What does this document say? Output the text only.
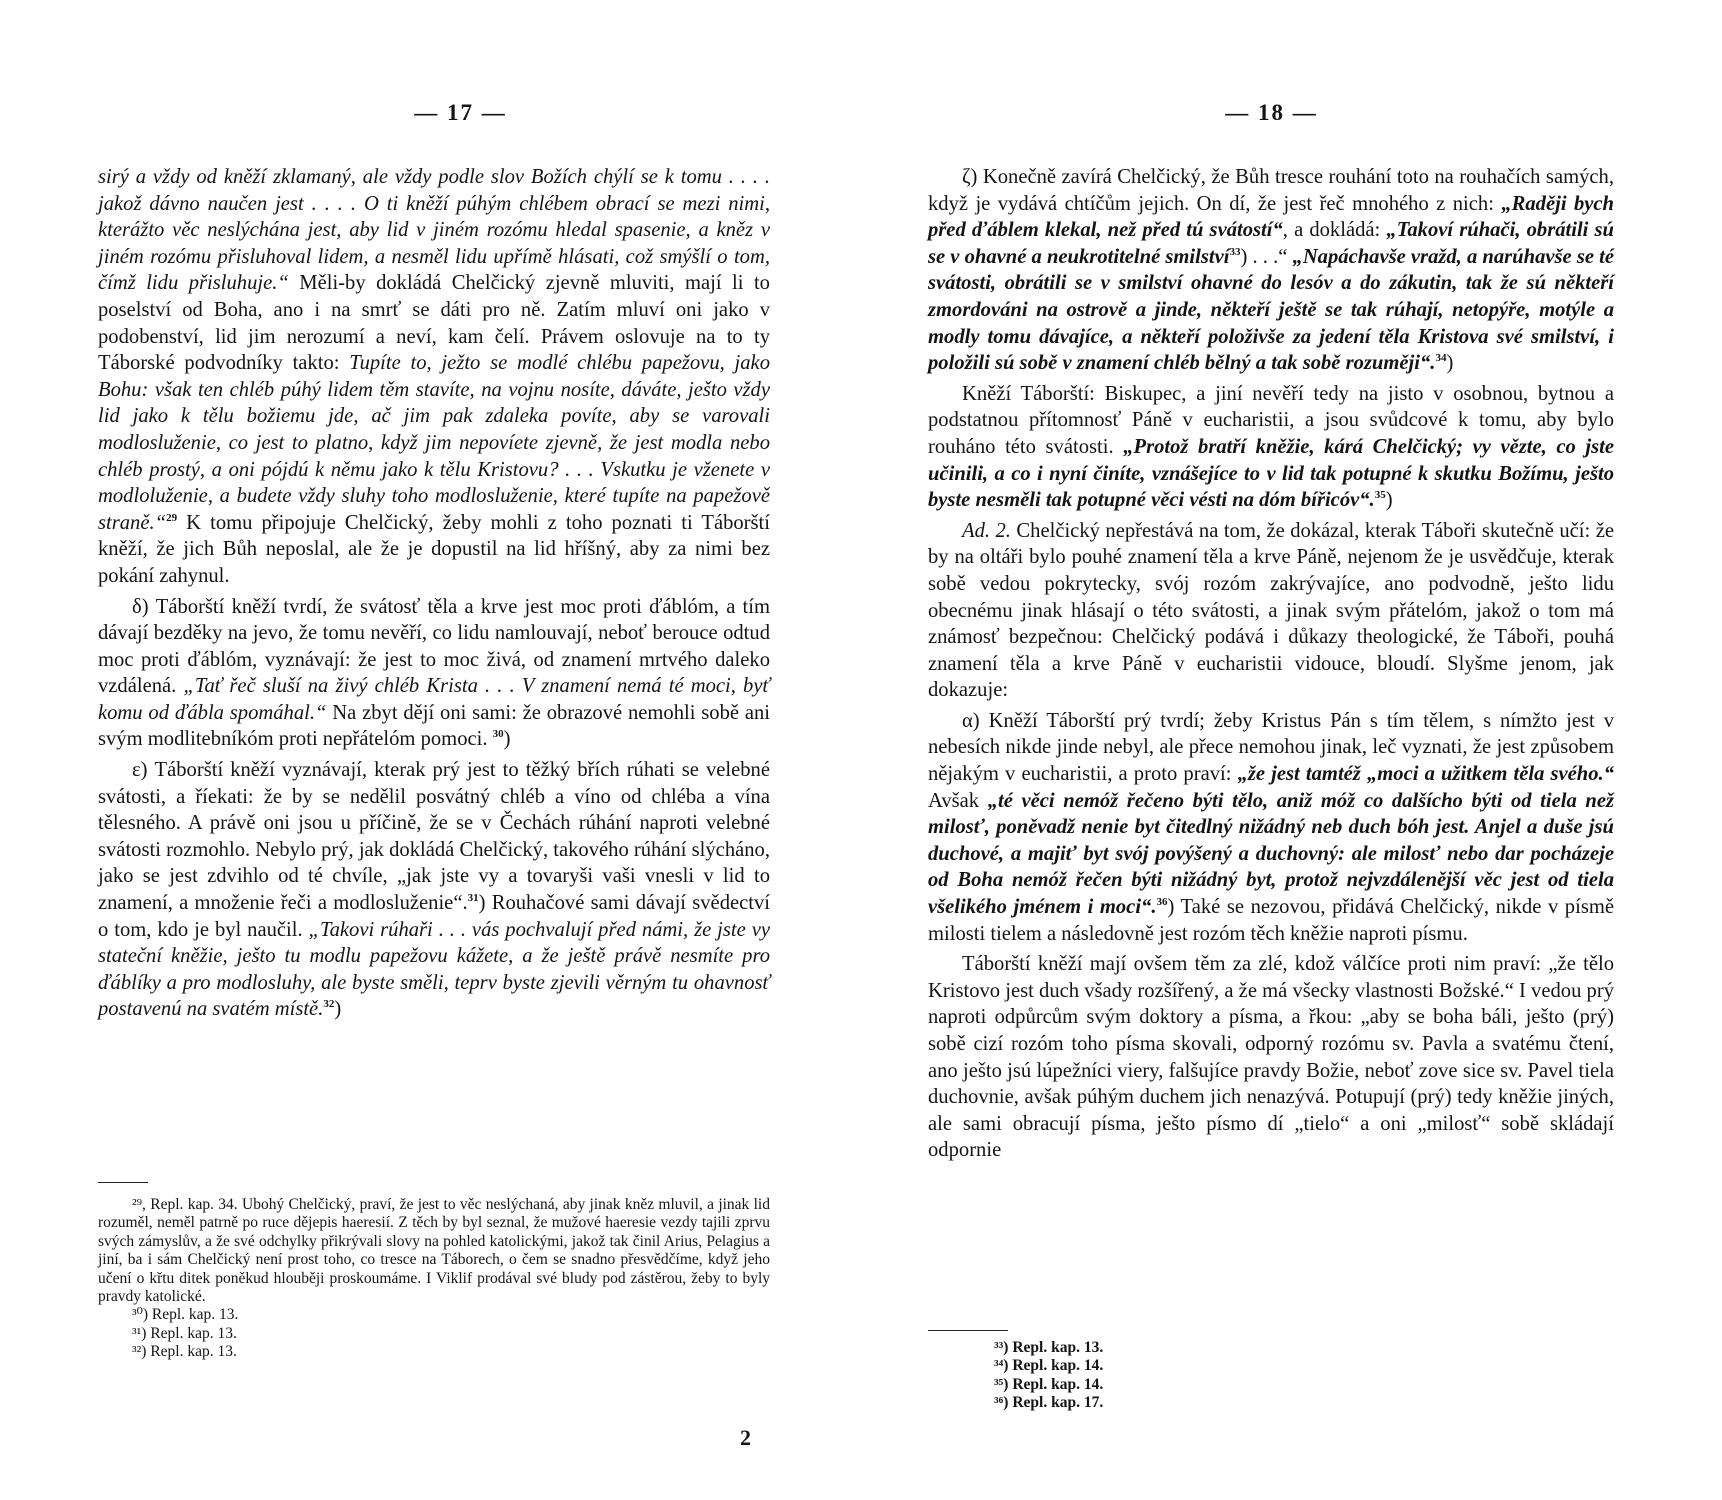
— 17 —

sirý a vždy od kněží zklamaný, ale vždy podle slov Božích chýlí se k tomu . . . . jakož dávno naučen jest . . . . O ti kněží púhým chlébem obrací se mezi nimi, kterážto věc neslýchána jest, aby lid v jiném rozómu hledal spasenie, a kněz v jiném rozómu přisluhoval lidem, a nesměl lidu upřímě hlásati, což smýšlí o tom, čímž lidu přisluhuje.“ Měli-by dokládá Chelčický zjevně mluviti, mají li to poselství od Boha, ano i na smrť se dáti pro ně. Zatím mluví oni jako v podobenství, lid jim nerozumí a neví, kam čelí. Právem oslovuje na to ty Táborské podvodníky takto: Tupíte to, ježto se modlé chlébu papežovu, jako Bohu: však ten chléb púhý lidem těm stavíte, na vojnu nosíte, dáváte, ješto vždy lid jako k tělu božiemu jde, ač jim pak zdaleka povíte, aby se varovali modlosluženie, co jest to platno, když jim nepovíete zjevně, že jest modla nebo chléb prostý, a oni pójdú k němu jako k tělu Kristovu? . . . Vskutku je vženete v modloluženie, a budete vždy sluhy toho modlosluženie, které tupíte na papežově straně.“$^{29}$ K tomu připojuje Chelčický, žeby mohli z toho poznati ti Táborští kněží, že jich Bůh neposlal, ale že je dopustil na lid hříšný, aby za nimi bez pokání zahynul.

δ) Táborští kněží tvrdí, že svátosť těla a krve jest moc proti ďáblóm, a tím dávají bezděky na jevo, že tomu nevěří, co lidu namlouvají, neboť berouce odtud moc proti ďáblóm, vyznávají: že jest to moc živá, od znamení mrtvého daleko vzdálená. „Tať řeč sluší na živý chléb Krista . . . V znamení nemá té moci, byť komu od ďábla spomáhal.“ Na zbyt dějí oni sami: že obrazové nemohli sobě ani svým modlitebníkóm proti nepřátelóm pomoci. $^{30}$)

ε) Táborští kněží vyznávají, kterak prý jest to těžký břích rúhati se velebné svátosti, a říekati: že by se nedělil posvátný chléb a víno od chléba a vína tělesného. A právě oni jsou u příčině, že se v Čechách rúhání naproti velebné svátosti rozmohlo. Nebylo prý, jak dokládá Chelčický, takového rúhání slýcháno, jako se jest zdvihlo od té chvíle, „jak jste vy a tovaryši vaši vnesli v lid to znamení, a množenie řeči a modlosluženie“.$^{31}$) Rouhačové sami dávají svědectví o tom, kdo je byl naučil. „Takovi rúhaři . . . vás pochvalují před námi, že jste vy stateční kněžie, ješto tu modlu papežovu kážete, a že ještě právě nesmíte pro ďáblíky a pro modlosluhy, ale byste směli, teprv byste zjevili věrným tu ohavnosť postavenú na svatém místě.$^{32}$)

²⁹, Repl. kap. 34. Ubohý Chelčický, praví, že jest to věc neslýchaná, aby jinak kněz mluvil, a jinak lid rozuměl, neměl patrně po ruce dějepis haeresií. Z těch by byl seznal, že mužové haeresie vezdy tajili zprvu svých zámyslův, a že své odchylky přikrývali slovy na pohled katolickými, jakož tak činil Arius, Pelagius a jiní, ba i sám Chelčický není prost toho, co tresce na Táborech, o čem se snadno přesvědčíme, když jeho učení o křtu ditek poněkud hlouběji proskoumáme. I Viklif prodával své bludy pod zástěrou, žeby to byly pravdy katolické.

³⁰) Repl. kap. 13.

³¹) Repl. kap. 13.

³²) Repl. kap. 13.

2
— 18 —

ζ) Konečně zavírá Chelčický, že Bůh tresce rouhání toto na rouhačích samých, když je vydává chtíčům jejich. On dí, že jest řeč mnohého z nich: „Raději bych před ďáblem klekal, než před tú svátostí“, a dokládá: „Takoví rúhači, obrátili sú se v ohavné a neukrotitelné smilství$^{33}$) . . .“ „Napáchavše vražd, a narúhavše se té svátosti, obrátili se v smilství ohavné do lesóv a do zákutin, tak že sú někteří zmordováni na ostrově a jinde, někteří ještě se tak rúhají, netopýře, motýle a modly tomu dávajíce, a někteří položivše za jedení těla Kristova své smilství, i položili sú sobě v znamení chléb bělný a tak sobě rozuměji“.$^{34}$)

Kněží Táborští: Biskupec, a jiní nevěří tedy na jisto v osobnou, bytnou a podstatnou přítomnosť Páně v eucharistii, a jsou svůdcové k tomu, aby bylo rouháno této svátosti. „Protož bratří kněžie, kárá Chelčický; vy vězte, co jste učinili, a co i nyní činíte, vznášejíce to v lid tak potupné k skutku Božímu, ješto byste nesměli tak potupné věci vésti na dóm bířicóv“.$^{35}$)

Ad. 2. Chelčický nepřestává na tom, že dokázal, kterak Táboři skutečně učí: že by na oltáři bylo pouhé znamení těla a krve Páně, nejenom že je usvědčuje, kterak sobě vedou pokrytecky, svój rozóm zakrývajíce, ano podvodně, ješto lidu obecnému jinak hlásají o této svátosti, a jinak svým přátelóm, jakož o tom má známosť bezpečnou: Chelčický podává i důkazy theologické, že Táboři, pouhá znamení těla a krve Páně v eucharistii vidouce, bloudí. Slyšme jenom, jak dokazuje:

α) Kněží Táborští prý tvrdí; žeby Kristus Pán s tím tělem, s nímžto jest v nebesích nikde jinde nebyl, ale přece nemohou jinak, leč vyznati, že jest způsobem nějakým v eucharistii, a proto praví: „že jest tamtéž „moci a užitkem těla svého.“ Avšak „té věci nemóž řečeno býti tělo, aniž móž co dalšícho býti od tiela než milosť, poněvadž nenie byt čitedlný nižádný neb duch bóh jest. Anjel a duše jsú duchové, a majiť byt svój povýšený a duchovný: ale milosť nebo dar pocházeje od Boha nemóž řečen býti nižádný byt, protož nejvzdálenější věc jest od tiela všelikého jménem i moci“.$^{36}$) Také se nezovou, přidává Chelčický, nikde v písmě milosti tielem a následovně jest rozóm těch kněžie naproti písmu.

Táborští kněží mají ovšem těm za zlé, kdož válčíce proti nim praví: „že tělo Kristovo jest duch všady rozšířený, a že má všecky vlastnosti Božské.“ I vedou prý naproti odpůrcům svým doktory a písma, a řkou: „aby se boha báli, ješto (prý) sobě cizí rozóm toho písma skovali, odporný rozómu sv. Pavla a svatému čtení, ano ješto jsú lúpežníci viery, falšujíce pravdy Božie, neboť zove sice sv. Pavel tiela duchovnie, avšak púhým duchem jich nenazývá. Potupují (prý) tedy kněžie jiných, ale sami obracují písma, ješto písmo dí „tielo“ a oni „milosť“ sobě skládají odpornie

³³) Repl. kap. 13.

³⁴) Repl. kap. 14.

³⁵) Repl. kap. 14.

³⁶) Repl. kap. 17.
